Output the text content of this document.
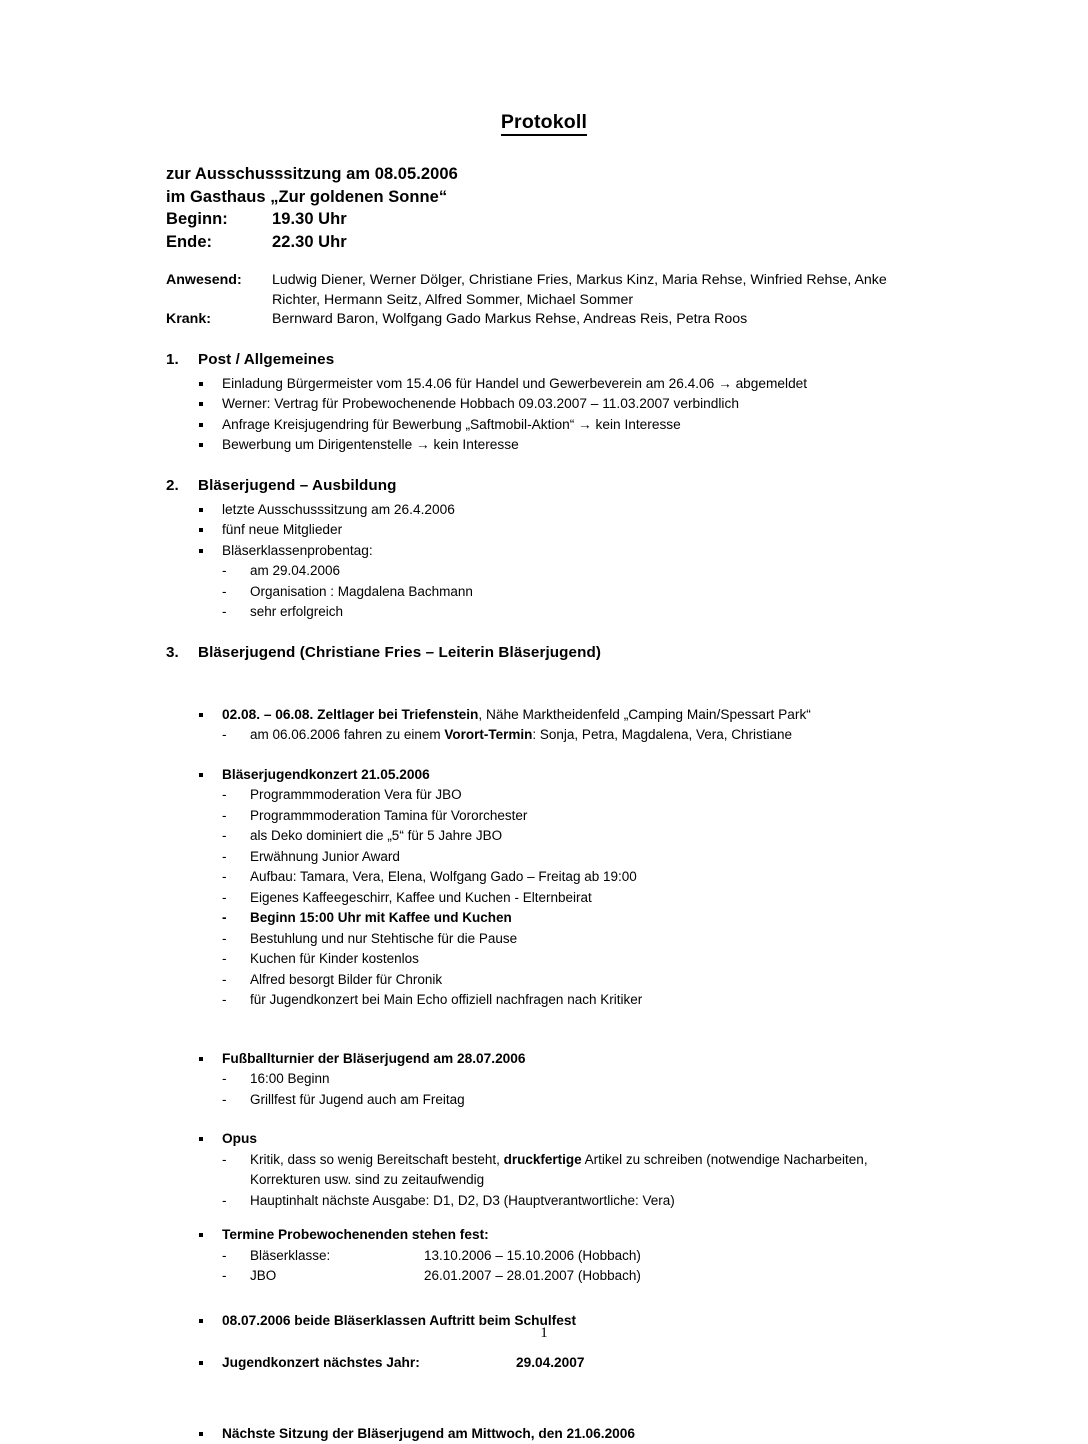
Protokoll
zur Ausschusssitzung am 08.05.2006
im Gasthaus „Zur goldenen Sonne“
Beginn:	19.30 Uhr
Ende:	22.30 Uhr
Anwesend:	Ludwig Diener, Werner Dölger, Christiane Fries, Markus Kinz, Maria Rehse, Winfried Rehse, Anke Richter, Hermann Seitz, Alfred Sommer, Michael Sommer
Krank:	Bernward Baron, Wolfgang Gado Markus Rehse, Andreas Reis, Petra Roos
1.	Post / Allgemeines
Einladung Bürgermeister vom 15.4.06 für Handel und Gewerbeverein am 26.4.06 → abgemeldet
Werner: Vertrag für Probewochenende Hobbach 09.03.2007 – 11.03.2007 verbindlich
Anfrage Kreisjugendring für Bewerbung „Saftmobil-Aktion“ → kein Interesse
Bewerbung um Dirigentenstelle → kein Interesse
2.	Bläserjugend – Ausbildung
letzte Ausschusssitzung am 26.4.2006
fünf neue Mitglieder
Bläserklassenprobentag:
- am 29.04.2006
- Organisation : Magdalena Bachmann
- sehr erfolgreich
3.	Bläserjugend (Christiane Fries – Leiterin Bläserjugend)
02.08. – 06.08. Zeltlager bei Triefenstein, Nähe Marktheidenfeld „Camping Main/Spessart Park“
- am 06.06.2006 fahren zu einem Vorort-Termin: Sonja, Petra, Magdalena, Vera, Christiane
Bläserjugendkonzert 21.05.2006
- Programmmoderation Vera für JBO
- Programmmoderation Tamina für Vororchester
- als Deko dominiert die „5“ für 5 Jahre JBO
- Erwähnung Junior Award
- Aufbau: Tamara, Vera, Elena, Wolfgang Gado – Freitag ab 19:00
- Eigenes Kaffeegeschirr, Kaffee und Kuchen - Elternbeirat
- Beginn 15:00 Uhr mit Kaffee und Kuchen
- Bestuhlung und nur Stehtische für die Pause
- Kuchen für Kinder kostenlos
- Alfred besorgt Bilder für Chronik
- für Jugendkonzert bei Main Echo offiziell nachfragen nach Kritiker
Fußballturnier der Bläserjugend am 28.07.2006
- 16:00 Beginn
- Grillfest für Jugend auch am Freitag
Opus
- Kritik, dass so wenig Bereitschaft besteht, druckfertige Artikel zu schreiben (notwendige Nacharbeiten, Korrekturen usw. sind zu zeitaufwendig
- Hauptinhalt nächste Ausgabe: D1, D2, D3 (Hauptverantwortliche: Vera)
Termine Probewochenenden stehen fest:
- Bläserklasse:	13.10.2006 – 15.10.2006 (Hobbach)
- JBO	26.01.2007 – 28.01.2007 (Hobbach)
08.07.2006 beide Bläserklassen Auftritt beim Schulfest
Jugendkonzert nächstes Jahr:	29.04.2007
Nächste Sitzung der Bläserjugend am Mittwoch, den 21.06.2006
1
